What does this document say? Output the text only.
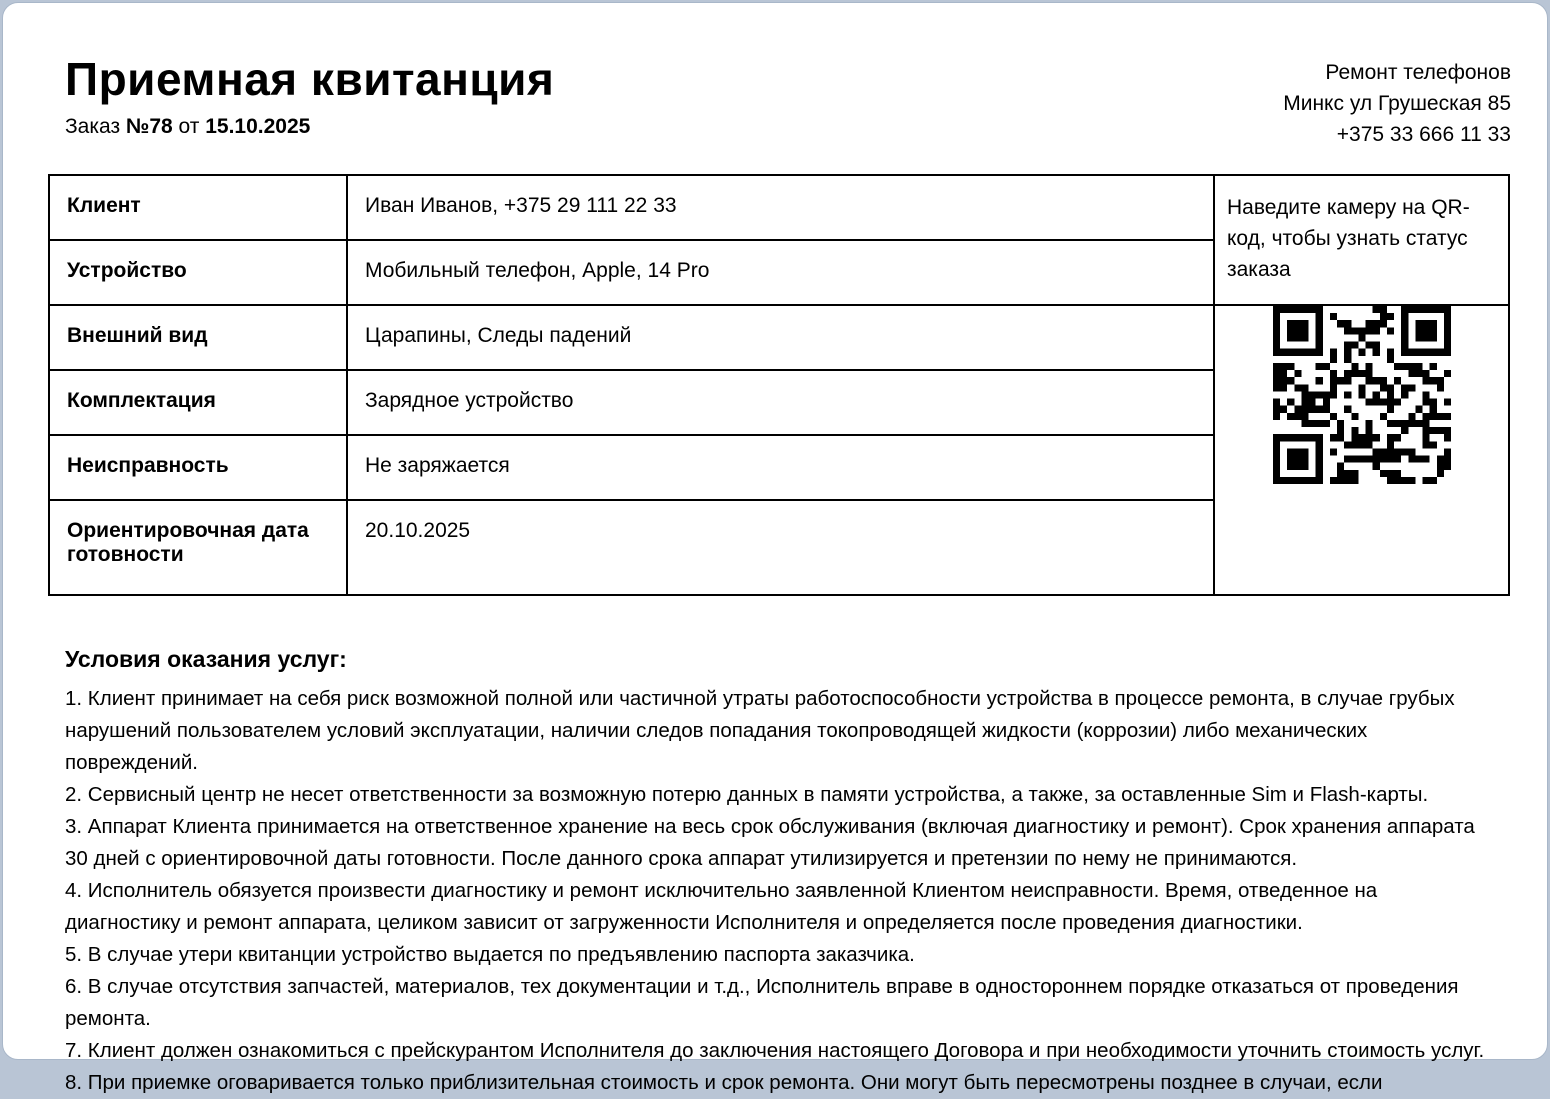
Приемная квитанция
Заказ №78 от 15.10.2025
Ремонт телефонов
Минкс ул Грушеская 85
+375 33 666 11 33
Клиент	Иван Иванов, +375 29 111 22 33	Наведите камеру на QR-код, чтобы узнать статус заказа
Устройство	Мобильный телефон, Apple, 14 Pro	
Внешний вид	Царапины, Следы падений	
Комплектация	Зарядное устройство	
Неисправность	Не заряжается	
Ориентировочная дата готовности	20.10.2025	
Условия оказания услуг:

1. Клиент принимает на себя риск возможной полной или частичной утраты работоспособности устройства в процессе ремонта, в случае грубых нарушений пользователем условий эксплуатации, наличии следов попадания токопроводящей жидкости (коррозии) либо механических повреждений.

2. Сервисный центр не несет ответственности за возможную потерю данных в памяти устройства, а также, за оставленные Sim и Flash-карты.

3. Аппарат Клиента принимается на ответственное хранение на весь срок обслуживания (включая диагностику и ремонт). Срок хранения аппарата 30 дней с ориентировочной даты готовности. После данного срока аппарат утилизируется и претензии по нему не принимаются.

4. Исполнитель обязуется произвести диагностику и ремонт исключительно заявленной Клиентом неисправности. Время, отведенное на диагностику и ремонт аппарата, целиком зависит от загруженности Исполнителя и определяется после проведения диагностики.

5. В случае утери квитанции устройство выдается по предъявлению паспорта заказчика.

6. В случае отсутствия запчастей, материалов, тех документации и т.д., Исполнитель вправе в одностороннем порядке отказаться от проведения ремонта.

7. Клиент должен ознакомиться с прейскурантом Исполнителя до заключения настоящего Договора и при необходимости уточнить стоимость услуг.

8. При приемке оговаривается только приблизительная стоимость и срок ремонта. Они могут быть пересмотрены позднее в случаи, если
